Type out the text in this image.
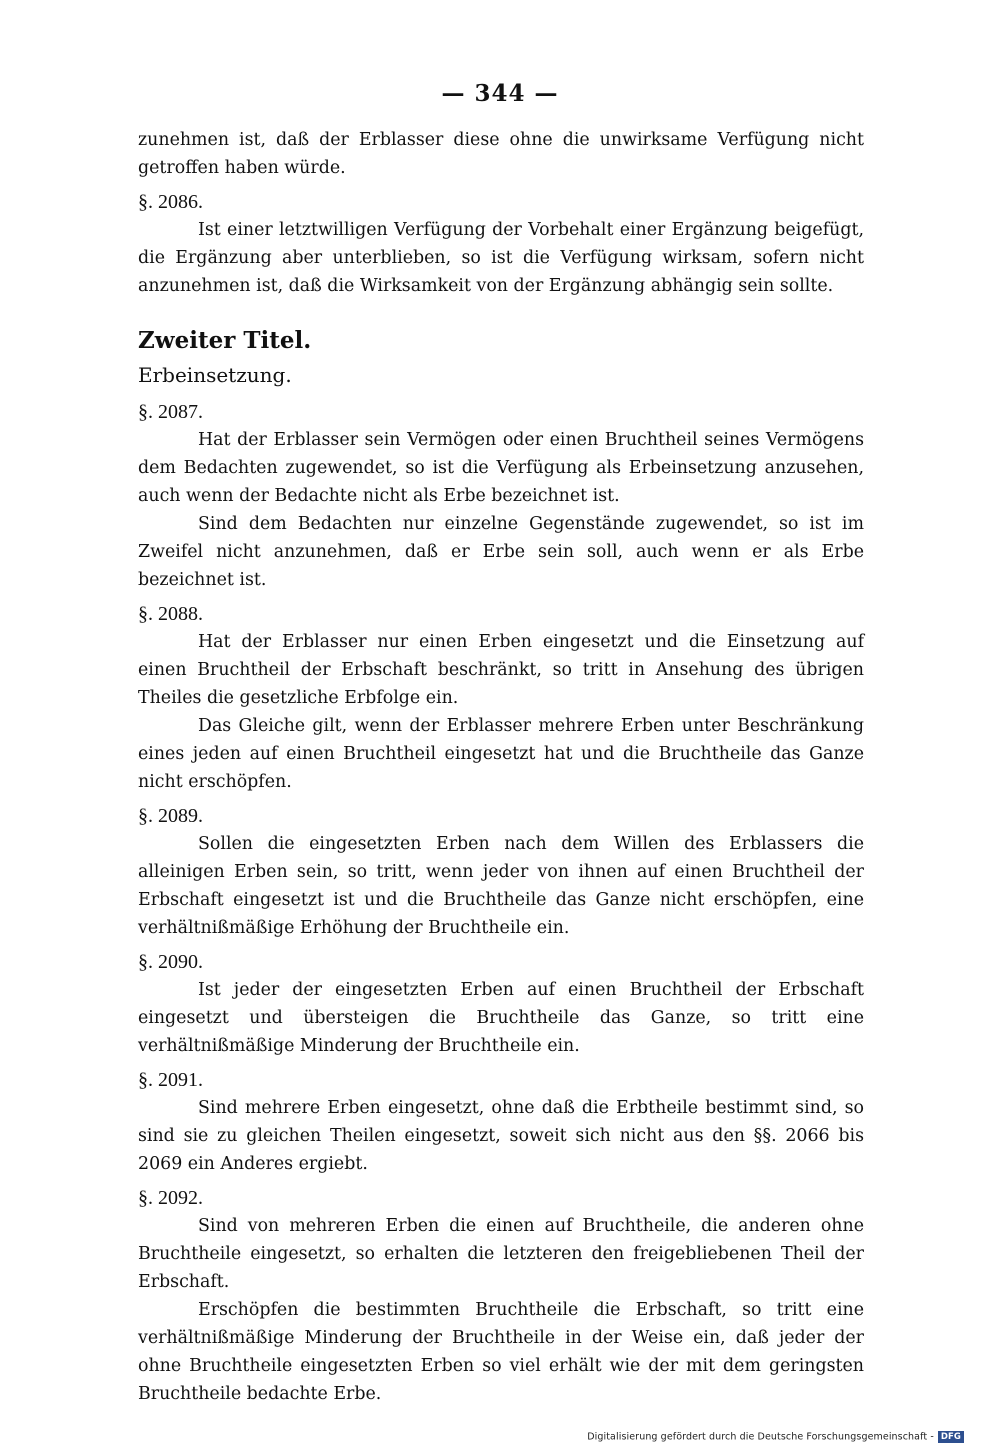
— 344 —

zunehmen ist, daß der Erblasser diese ohne die unwirksame Verfügung nicht getroffen haben würde.

§. 2086.

Ist einer letztwilligen Verfügung der Vorbehalt einer Ergänzung beigefügt, die Ergänzung aber unterblieben, so ist die Verfügung wirksam, sofern nicht anzunehmen ist, daß die Wirksamkeit von der Ergänzung abhängig sein sollte.

Zweiter Titel.

Erbeinsetzung.

§. 2087.

Hat der Erblasser sein Vermögen oder einen Bruchtheil seines Vermögens dem Bedachten zugewendet, so ist die Verfügung als Erbeinsetzung anzusehen, auch wenn der Bedachte nicht als Erbe bezeichnet ist.

Sind dem Bedachten nur einzelne Gegenstände zugewendet, so ist im Zweifel nicht anzunehmen, daß er Erbe sein soll, auch wenn er als Erbe bezeichnet ist.

§. 2088.

Hat der Erblasser nur einen Erben eingesetzt und die Einsetzung auf einen Bruchtheil der Erbschaft beschränkt, so tritt in Ansehung des übrigen Theiles die gesetzliche Erbfolge ein.

Das Gleiche gilt, wenn der Erblasser mehrere Erben unter Beschränkung eines jeden auf einen Bruchtheil eingesetzt hat und die Bruchtheile das Ganze nicht erschöpfen.

§. 2089.

Sollen die eingesetzten Erben nach dem Willen des Erblassers die alleinigen Erben sein, so tritt, wenn jeder von ihnen auf einen Bruchtheil der Erbschaft eingesetzt ist und die Bruchtheile das Ganze nicht erschöpfen, eine verhältnißmäßige Erhöhung der Bruchtheile ein.

§. 2090.

Ist jeder der eingesetzten Erben auf einen Bruchtheil der Erbschaft eingesetzt und übersteigen die Bruchtheile das Ganze, so tritt eine verhältnißmäßige Minderung der Bruchtheile ein.

§. 2091.

Sind mehrere Erben eingesetzt, ohne daß die Erbtheile bestimmt sind, so sind sie zu gleichen Theilen eingesetzt, soweit sich nicht aus den §§. 2066 bis 2069 ein Anderes ergiebt.

§. 2092.

Sind von mehreren Erben die einen auf Bruchtheile, die anderen ohne Bruchtheile eingesetzt, so erhalten die letzteren den freigebliebenen Theil der Erbschaft.

Erschöpfen die bestimmten Bruchtheile die Erbschaft, so tritt eine verhältnißmäßige Minderung der Bruchtheile in der Weise ein, daß jeder der ohne Bruchtheile eingesetzten Erben so viel erhält wie der mit dem geringsten Bruchtheile bedachte Erbe.

Digitalisierung gefördert durch die Deutsche Forschungsgemeinschaft - DFG
